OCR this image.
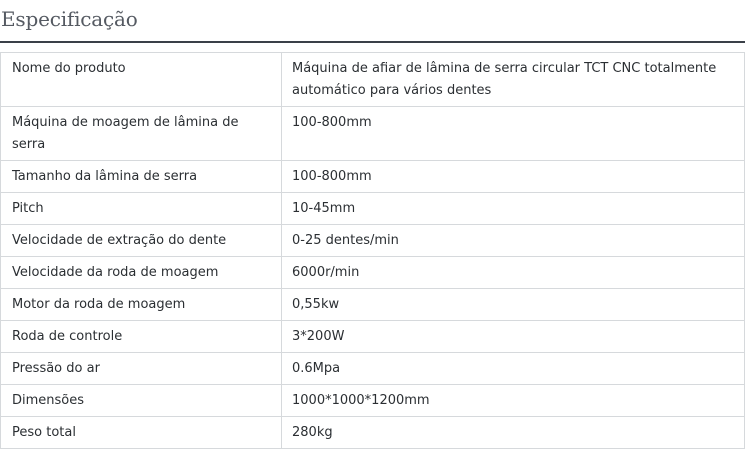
Especificação
Nome do produto	Máquina de afiar de lâmina de serra circular TCT CNC totalmente automático para vários dentes
Máquina de moagem de lâmina de serra	100-800mm
Tamanho da lâmina de serra	100-800mm
Pitch	10-45mm
Velocidade de extração do dente	0-25 dentes/min
Velocidade da roda de moagem	6000r/min
Motor da roda de moagem	0,55kw
Roda de controle	3*200W
Pressão do ar	0.6Mpa
Dimensões	1000*1000*1200mm
Peso total	280kg
